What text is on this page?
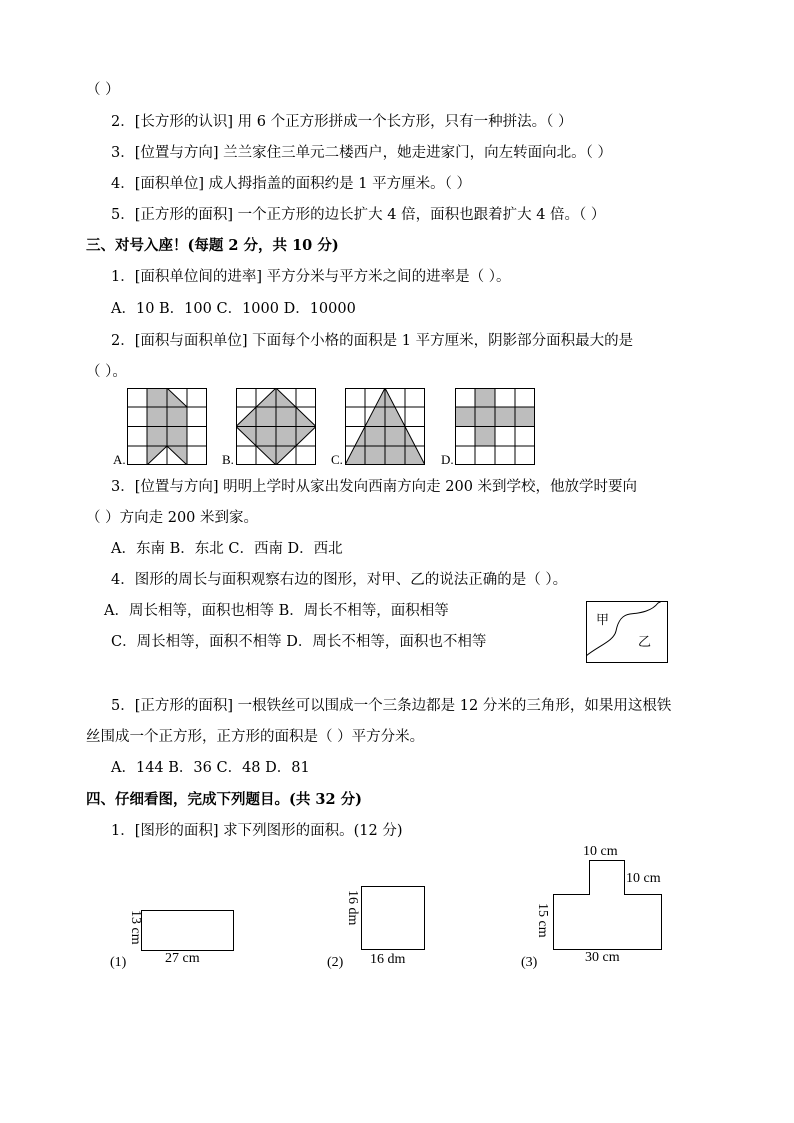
（ ）
2．[长方形的认识] 用 6 个正方形拼成一个长方形，只有一种拼法。（ ）
3．[位置与方向] 兰兰家住三单元二楼西户，她走进家门，向左转面向北。（ ）
4．[面积单位] 成人拇指盖的面积约是 1 平方厘米。（ ）
5．[正方形的面积] 一个正方形的边长扩大 4 倍，面积也跟着扩大 4 倍。（ ）
三、对号入座！(每题 2 分，共 10 分)
1．[面积单位间的进率] 平方分米与平方米之间的进率是（ ）。
A．10 B．100 C．1000 D．10000
2．[面积与面积单位] 下面每个小格的面积是 1 平方厘米，阴影部分面积最大的是
（ ）。
A.	B.	C.	D.
3．[位置与方向] 明明上学时从家出发向西南方向走 200 米到学校，他放学时要向
（ ）方向走 200 米到家。
A．东南 B．东北 C．西南 D．西北
4．图形的周长与面积观察右边的图形，对甲、乙的说法正确的是（ ）。
A．周长相等，面积也相等 B．周长不相等，面积相等
C．周长相等，面积不相等 D．周长不相等，面积也不相等
甲
乙
5．[正方形的面积] 一根铁丝可以围成一个三条边都是 12 分米的三角形，如果用这根铁
丝围成一个正方形，正方形的面积是（ ）平方分米。
A．144 B．36 C．48 D．81
四、仔细看图，完成下列题目。(共 32 分)
1．[图形的面积] 求下列图形的面积。(12 分)
13 cm
27 cm
(1)
16 dm
16 dm
(2)
10 cm
10 cm
15 cm
30 cm
(3)
